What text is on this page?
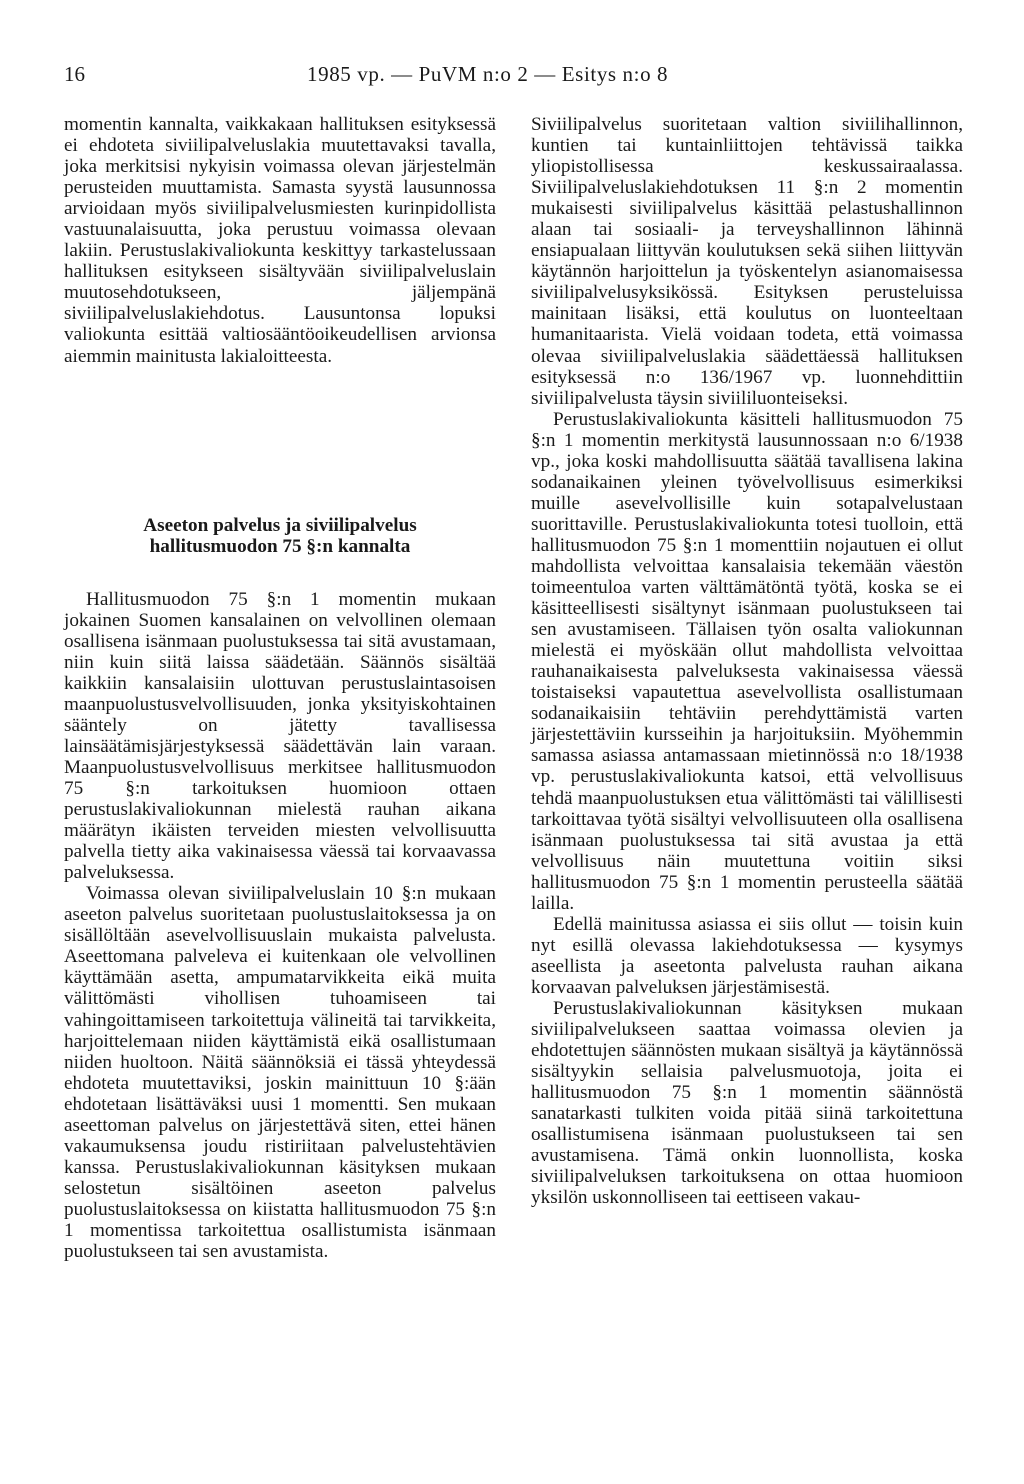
16	1985 vp. — PuVM n:o 2 — Esitys n:o 8

momentin kannalta, vaikkakaan hallituksen esityksessä ei ehdoteta siviilipalveluslakia muutettavaksi tavalla, joka merkitsisi nykyisin voimassa olevan järjestelmän perusteiden muuttamista. Samasta syystä lausunnossa arvioidaan myös siviilipalvelusmiesten kurinpidollista vastuunalaisuutta, joka perustuu voimassa olevaan lakiin. Perustuslakivaliokunta keskittyy tarkastelussaan hallituksen esitykseen sisältyvään siviilipalveluslain muutosehdotukseen, jäljempänä siviilipalveluslakiehdotus. Lausuntonsa lopuksi valiokunta esittää valtiosääntöoikeudellisen arvionsa aiemmin mainitusta lakialoitteesta.

Aseeton palvelus ja siviilipalvelus

hallitusmuodon 75 §:n kannalta

Hallitusmuodon 75 §:n 1 momentin mukaan jokainen Suomen kansalainen on velvollinen olemaan osallisena isänmaan puolustuksessa tai sitä avustamaan, niin kuin siitä laissa säädetään. Säännös sisältää kaikkiin kansalaisiin ulottuvan perustuslaintasoisen maanpuolustusvelvollisuuden, jonka yksityiskohtainen sääntely on jätetty tavallisessa lainsäätämisjärjestyksessä säädettävän lain varaan. Maanpuolustusvelvollisuus merkitsee hallitusmuodon 75 §:n tarkoituksen huomioon ottaen perustuslakivaliokunnan mielestä rauhan aikana määrätyn ikäisten terveiden miesten velvollisuutta palvella tietty aika vakinaisessa väessä tai korvaavassa palveluksessa.

Voimassa olevan siviilipalveluslain 10 §:n mukaan aseeton palvelus suoritetaan puolustuslaitoksessa ja on sisällöltään asevelvollisuuslain mukaista palvelusta. Aseettomana palveleva ei kuitenkaan ole velvollinen käyttämään asetta, ampumatarvikkeita eikä muita välittömästi vihollisen tuhoamiseen tai vahingoittamiseen tarkoitettuja välineitä tai tarvikkeita, harjoittelemaan niiden käyttämistä eikä osallistumaan niiden huoltoon. Näitä säännöksiä ei tässä yhteydessä ehdoteta muutettaviksi, joskin mainittuun 10 §:ään ehdotetaan lisättäväksi uusi 1 momentti. Sen mukaan aseettoman palvelus on järjestettävä siten, ettei hänen vakaumuksensa joudu ristiriitaan palvelustehtävien kanssa. Perustuslakivaliokunnan käsityksen mukaan selostetun sisältöinen aseeton palvelus puolustuslaitoksessa on kiistatta hallitusmuodon 75 §:n 1 momentissa tarkoitettua osallistumista isänmaan puolustukseen tai sen avustamista.

Siviilipalvelus suoritetaan valtion siviilihallinnon, kuntien tai kuntainliittojen tehtävissä taikka yliopistollisessa keskussairaalassa. Siviilipalveluslakiehdotuksen 11 §:n 2 momentin mukaisesti siviilipalvelus käsittää pelastushallinnon alaan tai sosiaali- ja terveyshallinnon lähinnä ensiapualaan liittyvän koulutuksen sekä siihen liittyvän käytännön harjoittelun ja työskentelyn asianomaisessa siviilipalvelusyksikössä. Esityksen perusteluissa mainitaan lisäksi, että koulutus on luonteeltaan humanitaarista. Vielä voidaan todeta, että voimassa olevaa siviilipalveluslakia säädettäessä hallituksen esityksessä n:o 136/1967 vp. luonnehdittiin siviilipalvelusta täysin siviililuonteiseksi.

Perustuslakivaliokunta käsitteli hallitusmuodon 75 §:n 1 momentin merkitystä lausunnossaan n:o 6/1938 vp., joka koski mahdollisuutta säätää tavallisena lakina sodanaikainen yleinen työvelvollisuus esimerkiksi muille asevelvollisille kuin sotapalvelustaan suorittaville. Perustuslakivaliokunta totesi tuolloin, että hallitusmuodon 75 §:n 1 momenttiin nojautuen ei ollut mahdollista velvoittaa kansalaisia tekemään väestön toimeentuloa varten välttämätöntä työtä, koska se ei käsitteellisesti sisältynyt isänmaan puolustukseen tai sen avustamiseen. Tällaisen työn osalta valiokunnan mielestä ei myöskään ollut mahdollista velvoittaa rauhanaikaisesta palveluksesta vakinaisessa väessä toistaiseksi vapautettua asevelvollista osallistumaan sodanaikaisiin tehtäviin perehdyttämistä varten järjestettäviin kursseihin ja harjoituksiin. Myöhemmin samassa asiassa antamassaan mietinnössä n:o 18/1938 vp. perustuslakivaliokunta katsoi, että velvollisuus tehdä maanpuolustuksen etua välittömästi tai välillisesti tarkoittavaa työtä sisältyi velvollisuuteen olla osallisena isänmaan puolustuksessa tai sitä avustaa ja että velvollisuus näin muutettuna voitiin siksi hallitusmuodon 75 §:n 1 momentin perusteella säätää lailla.

Edellä mainitussa asiassa ei siis ollut — toisin kuin nyt esillä olevassa lakiehdotuksessa — kysymys aseellista ja aseetonta palvelusta rauhan aikana korvaavan palveluksen järjestämisestä.

Perustuslakivaliokunnan käsityksen mukaan siviilipalvelukseen saattaa voimassa olevien ja ehdotettujen säännösten mukaan sisältyä ja käytännössä sisältyykin sellaisia palvelusmuotoja, joita ei hallitusmuodon 75 §:n 1 momentin säännöstä sanatarkasti tulkiten voida pitää siinä tarkoitettuna osallistumisena isänmaan puolustukseen tai sen avustamisena. Tämä onkin luonnollista, koska siviilipalveluksen tarkoituksena on ottaa huomioon yksilön uskonnolliseen tai eettiseen vakau-
